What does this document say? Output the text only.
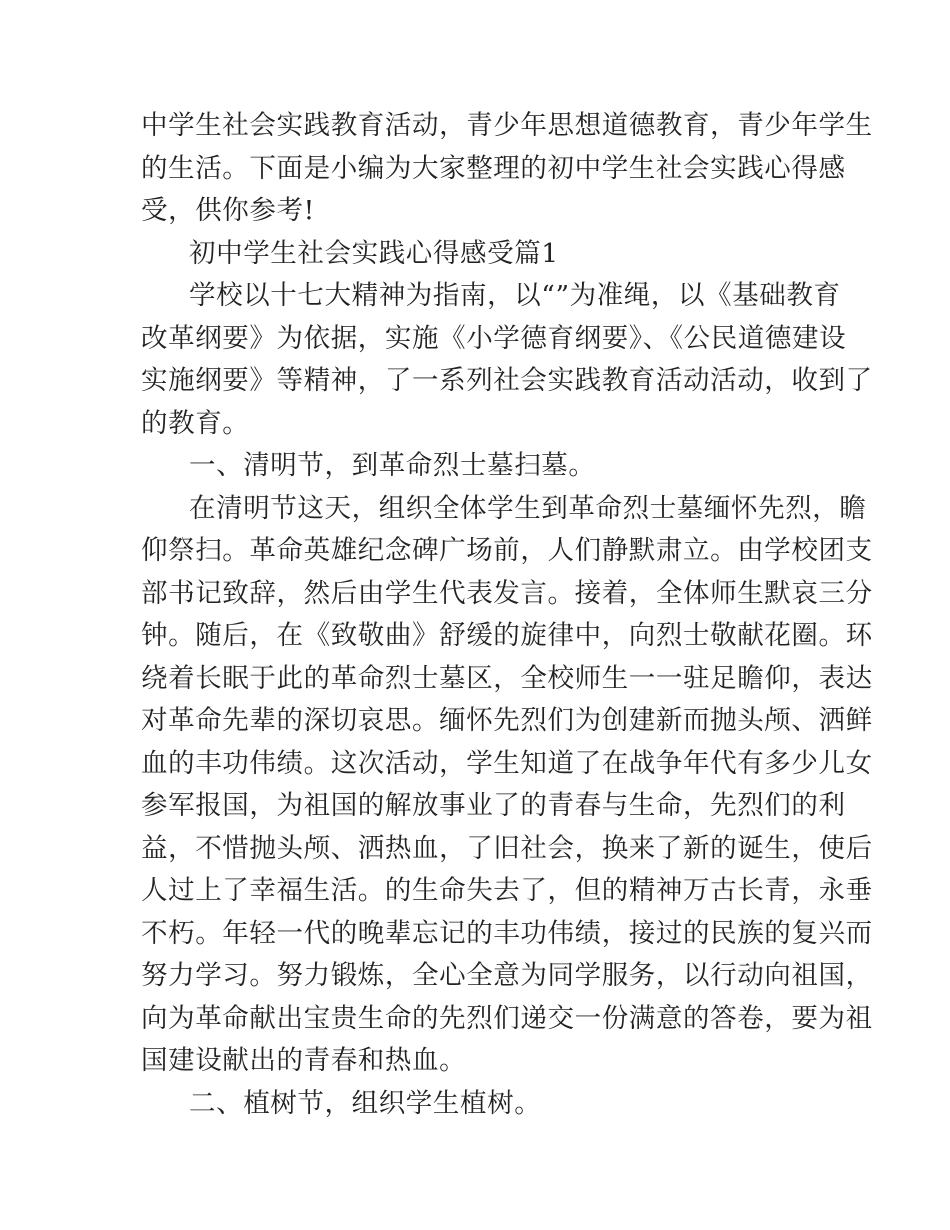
中学生社会实践教育活动，青少年思想道德教育，青少年学生
的生活。下面是小编为大家整理的初中学生社会实践心得感
受，供你参考!
初中学生社会实践心得感受篇1
学校以十七大精神为指南，以“”为准绳，以《基础教育
改革纲要》为依据，实施《小学德育纲要》、《公民道德建设
实施纲要》等精神，了一系列社会实践教育活动活动，收到了
的教育。
一、清明节，到革命烈士墓扫墓。
在清明节这天，组织全体学生到革命烈士墓缅怀先烈，瞻
仰祭扫。革命英雄纪念碑广场前，人们静默肃立。由学校团支
部书记致辞，然后由学生代表发言。接着，全体师生默哀三分
钟。随后，在《致敬曲》舒缓的旋律中，向烈士敬献花圈。环
绕着长眠于此的革命烈士墓区，全校师生一一驻足瞻仰，表达
对革命先辈的深切哀思。缅怀先烈们为创建新而抛头颅、洒鲜
血的丰功伟绩。这次活动，学生知道了在战争年代有多少儿女
参军报国，为祖国的解放事业了的青春与生命，先烈们的利
益，不惜抛头颅、洒热血，了旧社会，换来了新的诞生，使后
人过上了幸福生活。的生命失去了，但的精神万古长青，永垂
不朽。年轻一代的晚辈忘记的丰功伟绩，接过的民族的复兴而
努力学习。努力锻炼，全心全意为同学服务，以行动向祖国，
向为革命献出宝贵生命的先烈们递交一份满意的答卷，要为祖
国建设献出的青春和热血。
二、植树节，组织学生植树。
